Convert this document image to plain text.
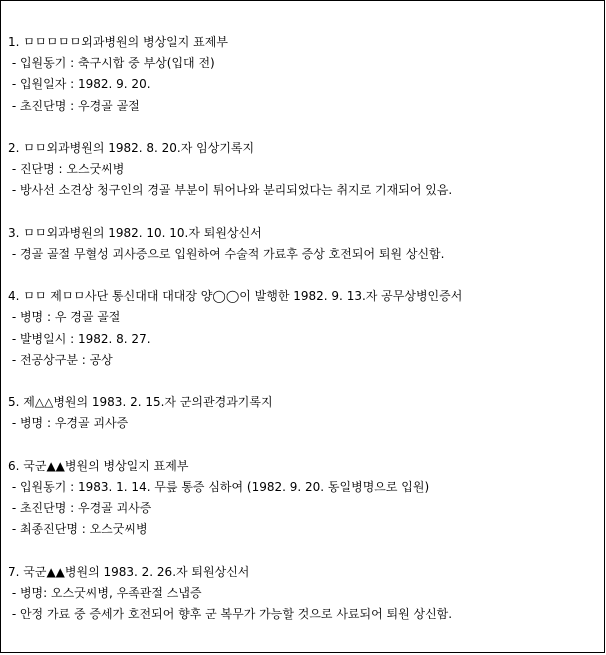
1. ㅁㅁㅁㅁㅁ외과병원의 병상일지 표제부
- 입원동기 : 축구시합 중 부상(입대 전)
- 입원일자 : 1982. 9. 20.
- 초진단명 : 우경골 골절
2. ㅁㅁ외과병원의 1982. 8. 20.자 임상기록지
- 진단명 : 오스굿씨병
- 방사선 소견상 청구인의 경골 부분이 튀어나와 분리되었다는 취지로 기재되어 있음.
3. ㅁㅁ외과병원의 1982. 10. 10.자 퇴원상신서
- 경골 골절 무혈성 괴사증으로 입원하여 수술적 가료후 증상 호전되어 퇴원 상신함.
4. ㅁㅁ 제ㅁㅁ사단 통신대대 대대장 양◯◯이 발행한 1982. 9. 13.자 공무상병인증서
- 병명 : 우 경골 골절
- 발병일시 : 1982. 8. 27.
- 전공상구분 : 공상
5. 제△△병원의 1983. 2. 15.자 군의관경과기록지
- 병명 : 우경골 괴사증
6. 국군▲▲병원의 병상일지 표제부
- 입원동기 : 1983. 1. 14. 무릎 통증 심하여 (1982. 9. 20. 동일병명으로 입원)
- 초진단명 : 우경골 괴사증
- 최종진단명 : 오스굿씨병
7. 국군▲▲병원의 1983. 2. 26.자 퇴원상신서
- 병명: 오스굿씨병, 우족관절 스냅증
- 안정 가료 중 증세가 호전되어 향후 군 복무가 가능할 것으로 사료되어 퇴원 상신함.
